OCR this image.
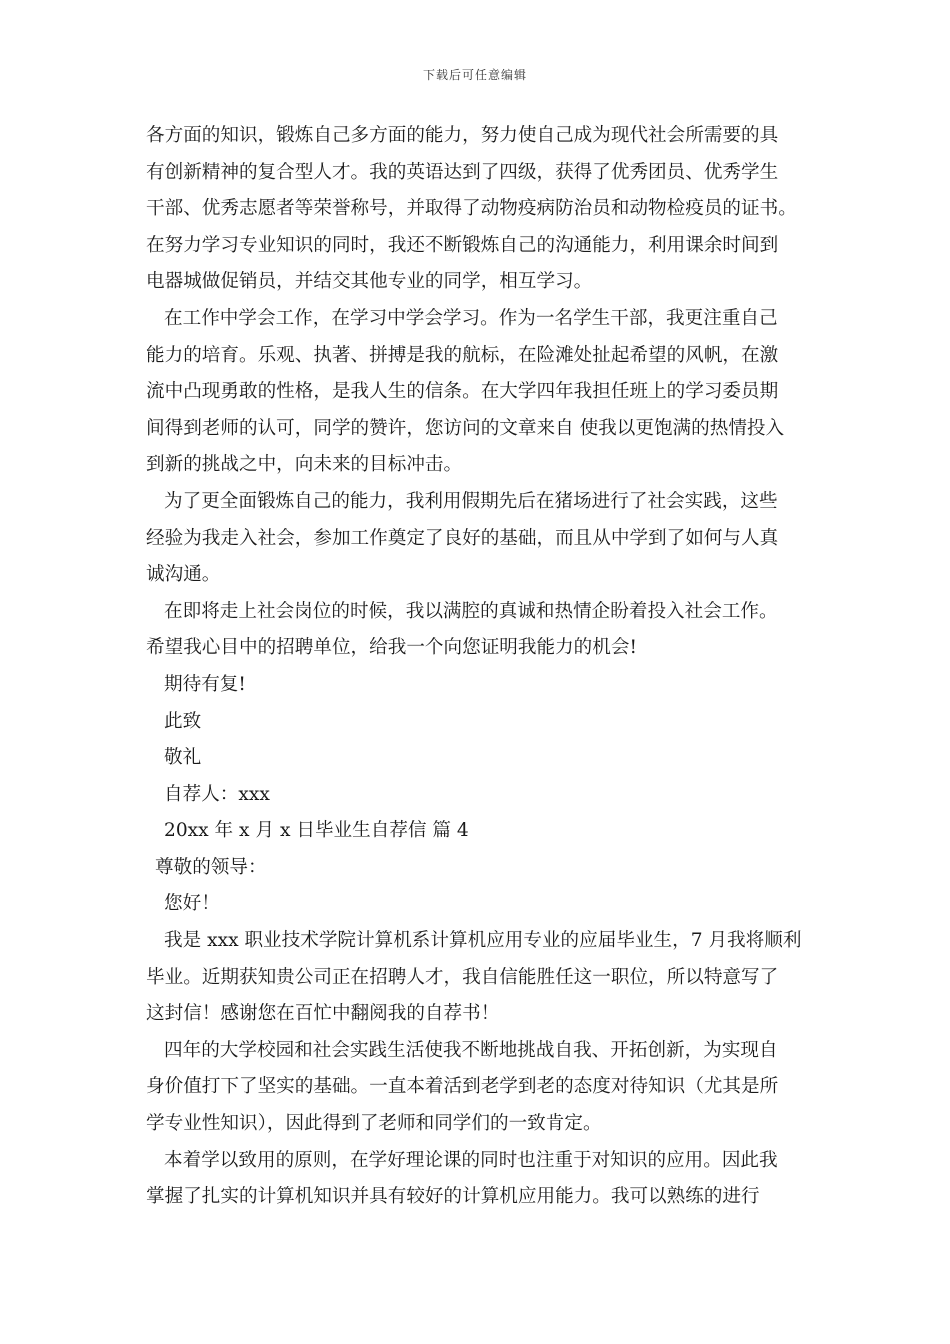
下载后可任意编辑
各方面的知识，锻炼自己多方面的能力，努力使自己成为现代社会所需要的具
有创新精神的复合型人才。我的英语达到了四级，获得了优秀团员、优秀学生
干部、优秀志愿者等荣誉称号，并取得了动物疫病防治员和动物检疫员的证书。
在努力学习专业知识的同时，我还不断锻炼自己的沟通能力，利用课余时间到
电器城做促销员，并结交其他专业的同学，相互学习。
在工作中学会工作，在学习中学会学习。作为一名学生干部，我更注重自己
能力的培育。乐观、执著、拼搏是我的航标，在险滩处扯起希望的风帆，在激
流中凸现勇敢的性格，是我人生的信条。在大学四年我担任班上的学习委员期
间得到老师的认可，同学的赞许，您访问的文章来自 使我以更饱满的热情投入
到新的挑战之中，向未来的目标冲击。
为了更全面锻炼自己的能力，我利用假期先后在猪场进行了社会实践，这些
经验为我走入社会，参加工作奠定了良好的基础，而且从中学到了如何与人真
诚沟通。
在即将走上社会岗位的时候，我以满腔的真诚和热情企盼着投入社会工作。
希望我心目中的招聘单位，给我一个向您证明我能力的机会!
期待有复!
此致
敬礼
自荐人：xxx
20xx 年 x 月 x 日毕业生自荐信 篇 4
尊敬的领导：
您好！
我是 xxx 职业技术学院计算机系计算机应用专业的应届毕业生，7 月我将顺利
毕业。近期获知贵公司正在招聘人才，我自信能胜任这一职位，所以特意写了
这封信！感谢您在百忙中翻阅我的自荐书！
四年的大学校园和社会实践生活使我不断地挑战自我、开拓创新，为实现自
身价值打下了坚实的基础。一直本着活到老学到老的态度对待知识（尤其是所
学专业性知识），因此得到了老师和同学们的一致肯定。
本着学以致用的原则，在学好理论课的同时也注重于对知识的应用。因此我
掌握了扎实的计算机知识并具有较好的计算机应用能力。我可以熟练的进行
